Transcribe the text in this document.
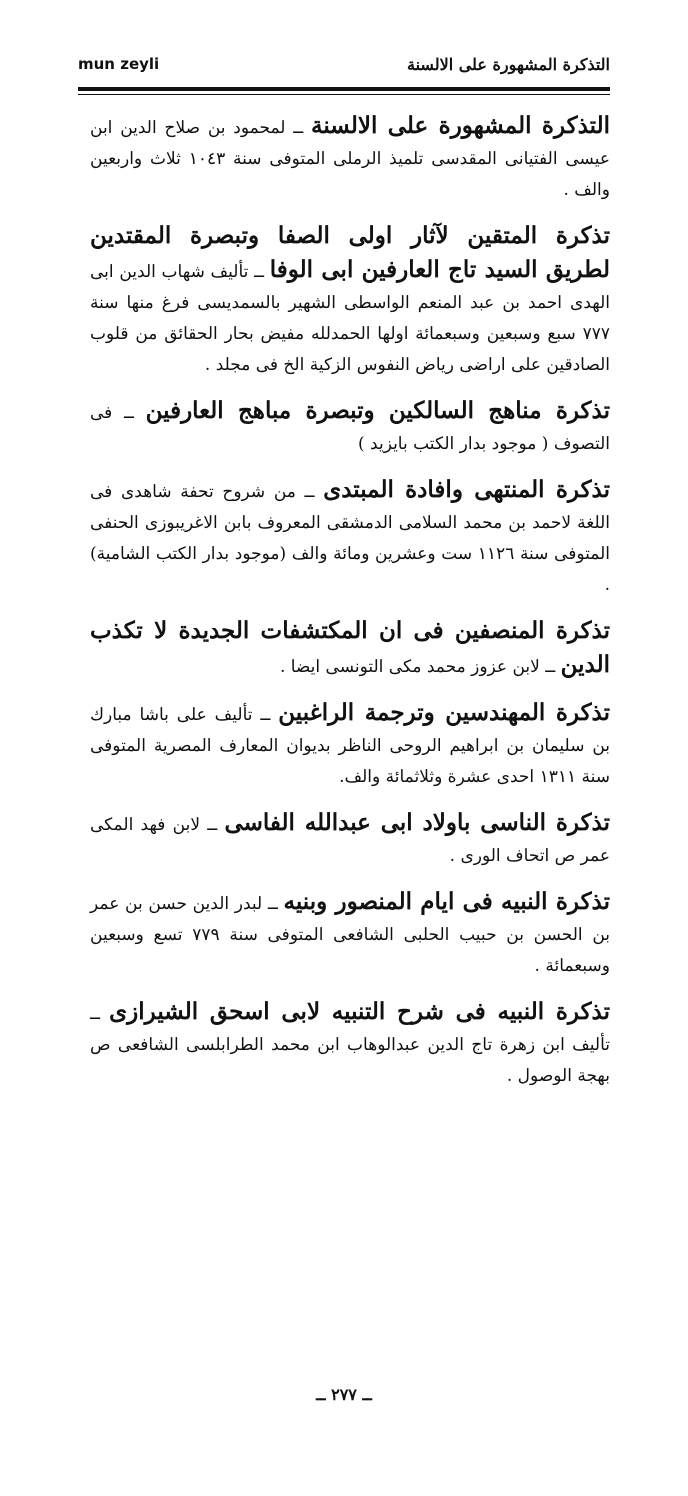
mun zeyli	التذكرة المشهورة على الالسنة

التذكرة المشهورة على الالسنة ــ لمحمود بن صلاح الدين ابن عيسى الفتيانى المقدسى تلميذ الرملى المتوفى سنة ١٠٤٣ ثلاث واربعين والف .

تذكرة المتقين لآثار اولى الصفا وتبصرة المقتدين لطريق السيد تاج العارفين ابى الوفا ــ تأليف شهاب الدين ابى الهدى احمد بن عبد المنعم الواسطى الشهير بالسمديسى فرغ منها سنة ٧٧٧ سبع وسبعين وسبعمائة اولها الحمدلله مفيض بحار الحقائق من قلوب الصادقين على اراضى رياض النفوس الزكية الخ فى مجلد .

تذكرة مناهج السالكين وتبصرة مباهج العارفين ــ فى التصوف ( موجود بدار الكتب بايزيد )

تذكرة المنتهى وافادة المبتدى ــ من شروح تحفة شاهدى فى اللغة لاحمد بن محمد السلامى الدمشقى المعروف بابن الاغريبوزى الحنفى المتوفى سنة ١١٢٦ ست وعشرين ومائة والف (موجود بدار الكتب الشامية) .

تذكرة المنصفين فى ان المكتشفات الجديدة لا تكذب الدين ــ لابن عزوز محمد مكى التونسى ايضا .

تذكرة المهندسين وترجمة الراغبين ــ تأليف على باشا مبارك بن سليمان بن ابراهيم الروحى الناظر بديوان المعارف المصرية المتوفى سنة ١٣١١ احدى عشرة وثلاثمائة والف.

تذكرة الناسى باولاد ابى عبدالله الفاسى ــ لابن فهد المكى عمر ص اتحاف الورى .

تذكرة النبيه فى ايام المنصور وبنيه ــ لبدر الدين حسن بن عمر بن الحسن بن حبيب الحلبى الشافعى المتوفى سنة ٧٧٩ تسع وسبعين وسبعمائة .

تذكرة النبيه فى شرح التنبيه لابى اسحق الشيرازى ــ تأليف ابن زهرة تاج الدين عبدالوهاب ابن محمد الطرابلسى الشافعى ص بهجة الوصول .

ــ ٢٧٧ ــ
